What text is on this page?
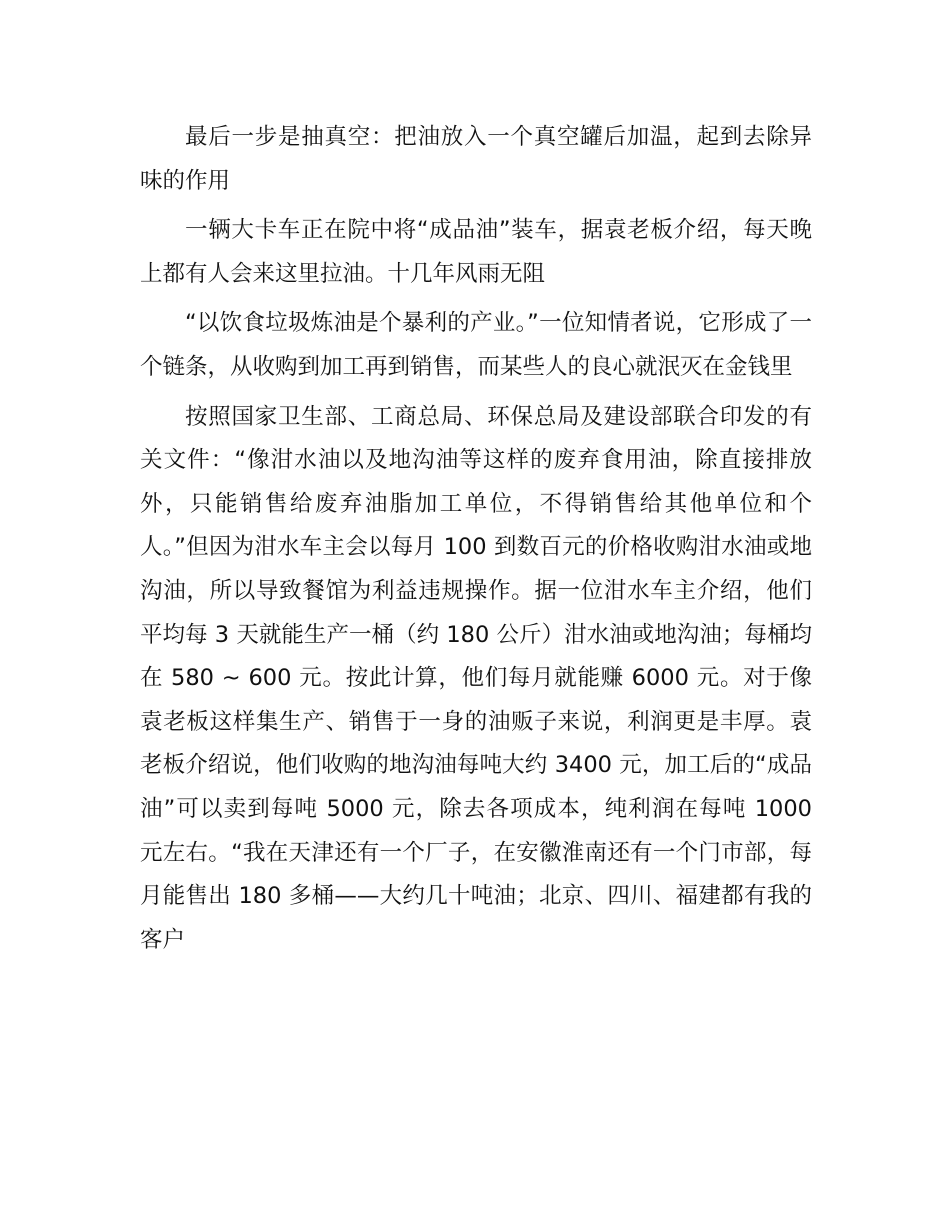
最后一步是抽真空：把油放入一个真空罐后加温，起到去除异味的作用

一辆大卡车正在院中将“成品油”装车，据袁老板介绍，每天晚上都有人会来这里拉油。十几年风雨无阻

“以饮食垃圾炼油是个暴利的产业。”一位知情者说，它形成了一个链条，从收购到加工再到销售，而某些人的良心就泯灭在金钱里

按照国家卫生部、工商总局、环保总局及建设部联合印发的有关文件：“像泔水油以及地沟油等这样的废弃食用油，除直接排放外，只能销售给废弃油脂加工单位，不得销售给其他单位和个人。”但因为泔水车主会以每月 100 到数百元的价格收购泔水油或地沟油，所以导致餐馆为利益违规操作。据一位泔水车主介绍，他们平均每 3 天就能生产一桶（约 180 公斤）泔水油或地沟油；每桶均在 580 ~ 600 元。按此计算，他们每月就能赚 6000 元。对于像袁老板这样集生产、销售于一身的油贩子来说，利润更是丰厚。袁老板介绍说，他们收购的地沟油每吨大约 3400 元，加工后的“成品油”可以卖到每吨 5000 元，除去各项成本，纯利润在每吨 1000 元左右。“我在天津还有一个厂子，在安徽淮南还有一个门市部，每月能售出 180 多桶——大约几十吨油；北京、四川、福建都有我的客户
